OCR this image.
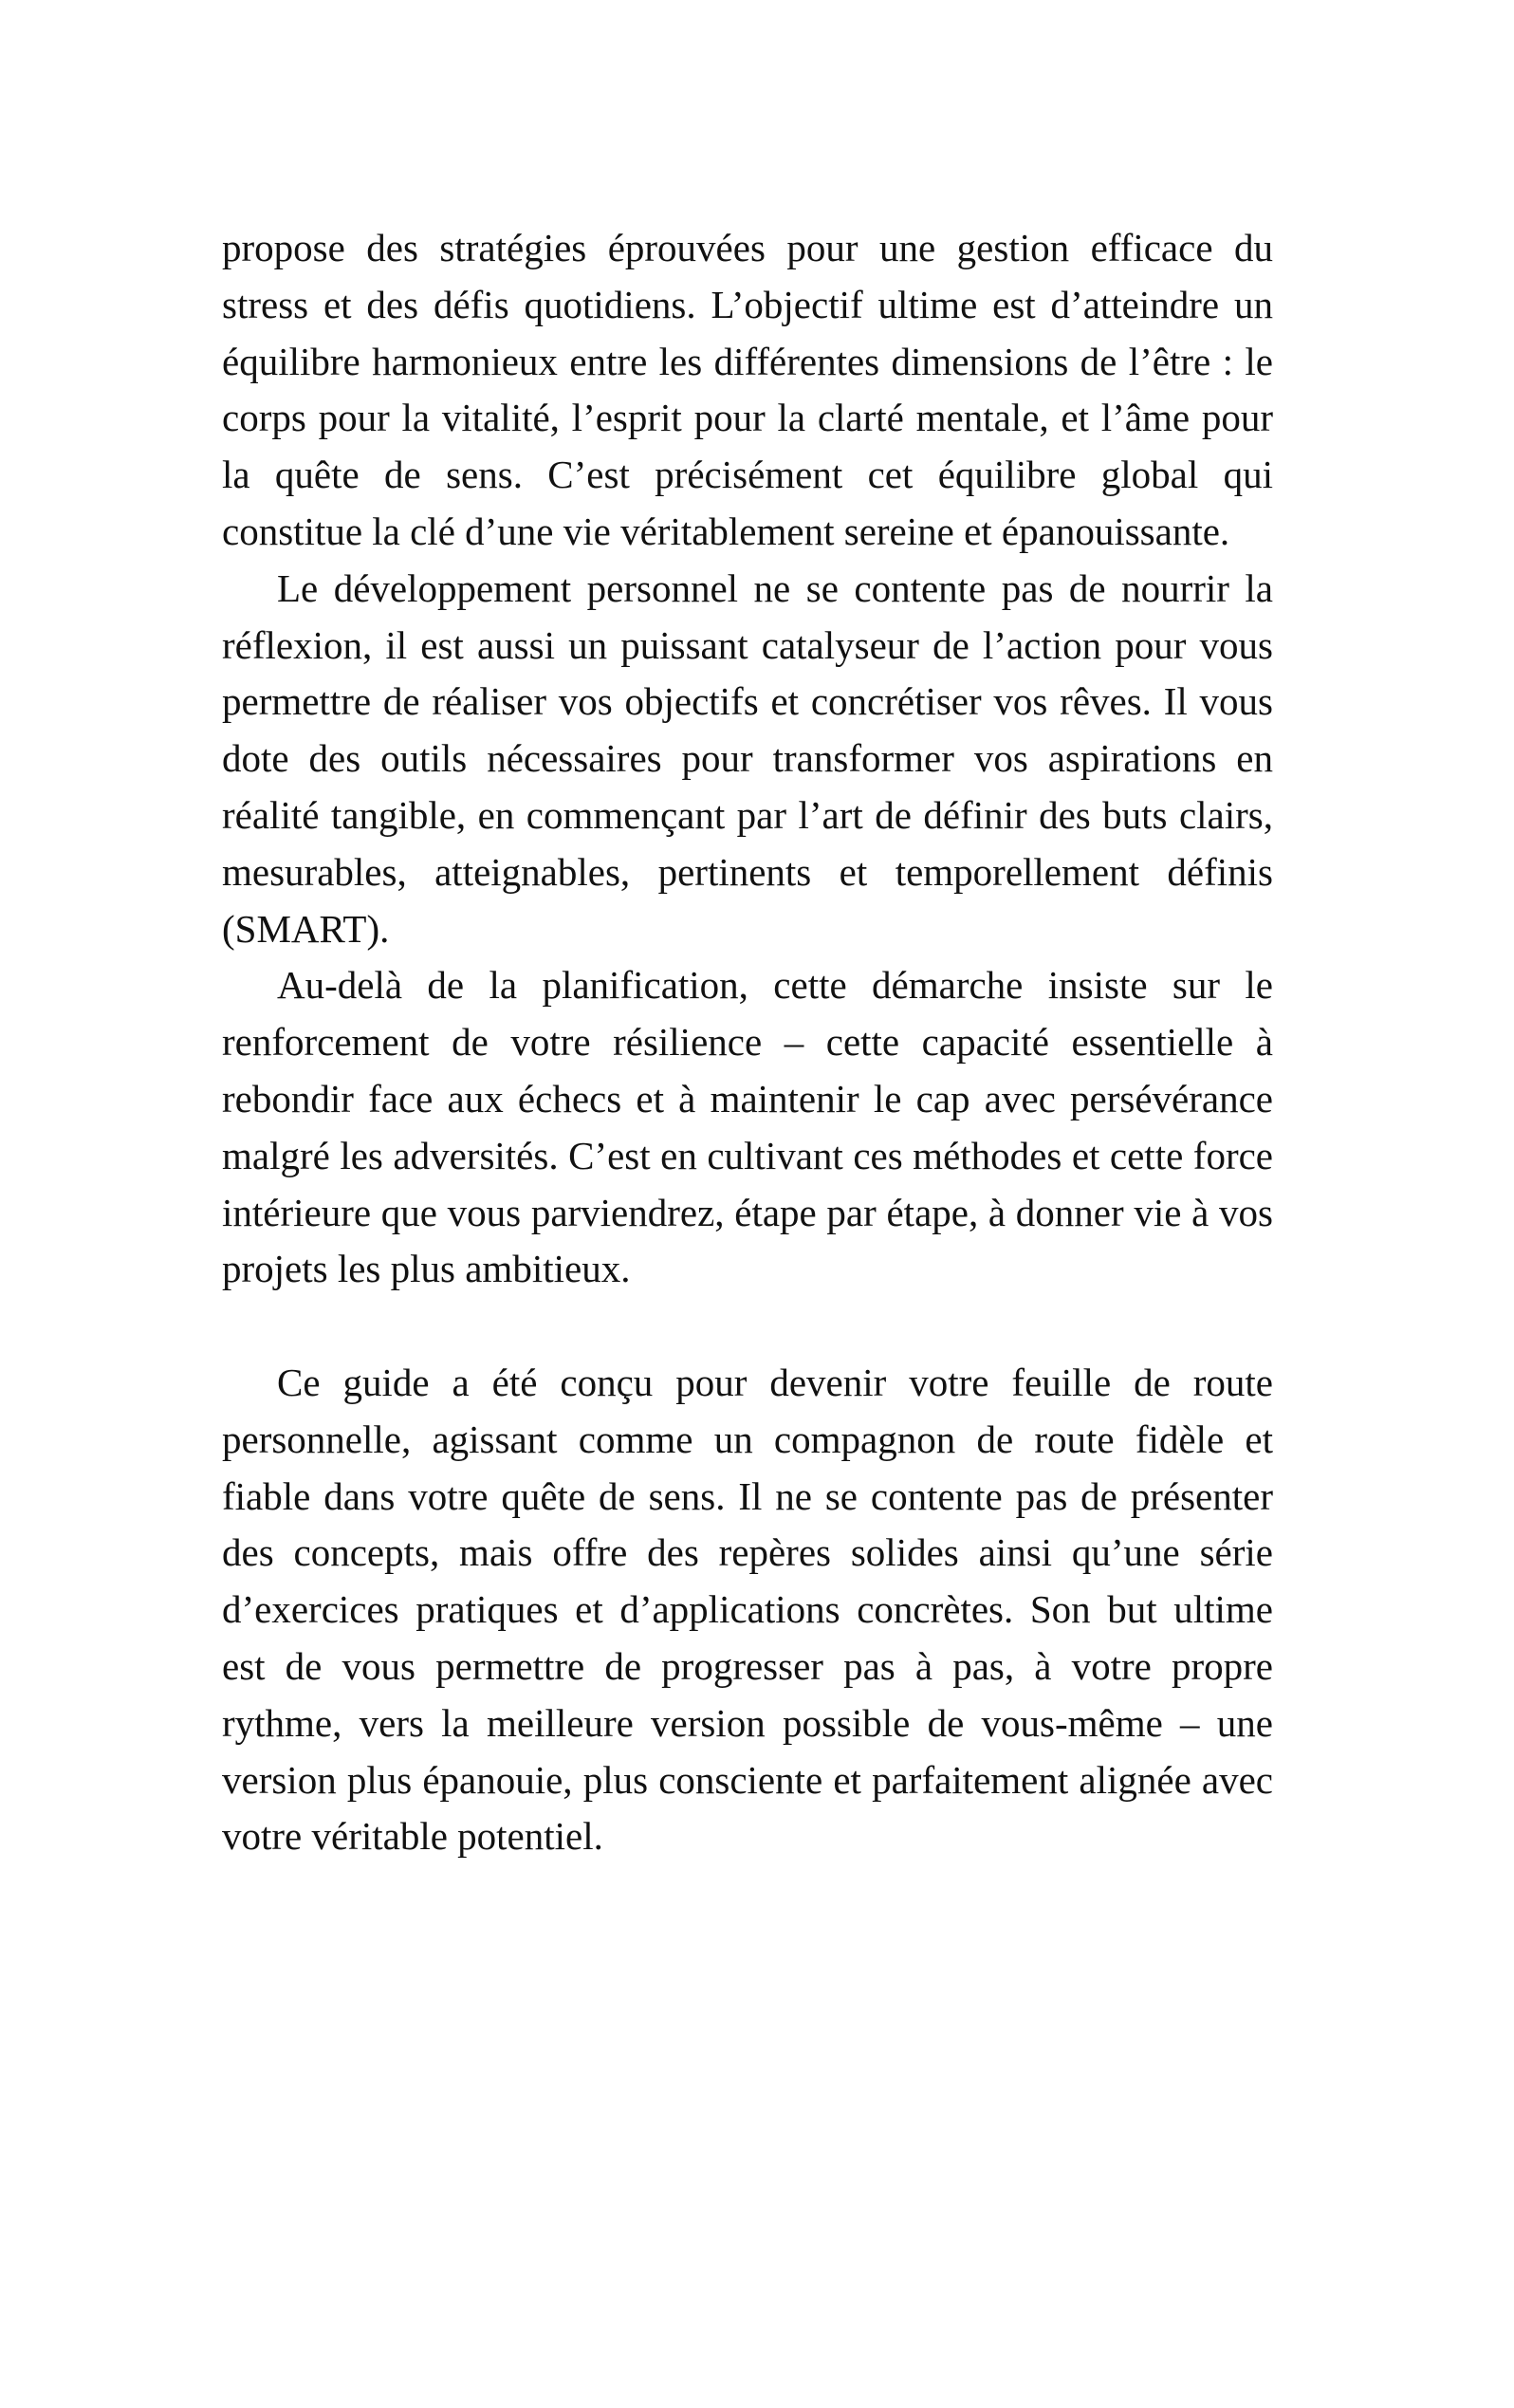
propose des stratégies éprouvées pour une gestion efficace du stress et des défis quotidiens. L’objectif ultime est d’atteindre un équilibre harmonieux entre les différentes dimensions de l’être : le corps pour la vitalité, l’esprit pour la clarté mentale, et l’âme pour la quête de sens. C’est précisément cet équilibre global qui constitue la clé d’une vie véritablement sereine et épanouissante.

Le développement personnel ne se contente pas de nourrir la réflexion, il est aussi un puissant catalyseur de l’action pour vous permettre de réaliser vos objectifs et concrétiser vos rêves. Il vous dote des outils nécessaires pour transformer vos aspirations en réalité tangible, en commençant par l’art de définir des buts clairs, mesurables, atteignables, pertinents et temporellement définis (SMART).

Au-delà de la planification, cette démarche insiste sur le renforcement de votre résilience – cette capacité essentielle à rebondir face aux échecs et à maintenir le cap avec persévérance malgré les adversités. C’est en cultivant ces méthodes et cette force intérieure que vous parviendrez, étape par étape, à donner vie à vos projets les plus ambitieux.

Ce guide a été conçu pour devenir votre feuille de route personnelle, agissant comme un compagnon de route fidèle et fiable dans votre quête de sens. Il ne se contente pas de présenter des concepts, mais offre des repères solides ainsi qu’une série d’exercices pratiques et d’applications concrètes. Son but ultime est de vous permettre de progresser pas à pas, à votre propre rythme, vers la meilleure version possible de vous-même – une version plus épanouie, plus consciente et parfaitement alignée avec votre véritable potentiel.
